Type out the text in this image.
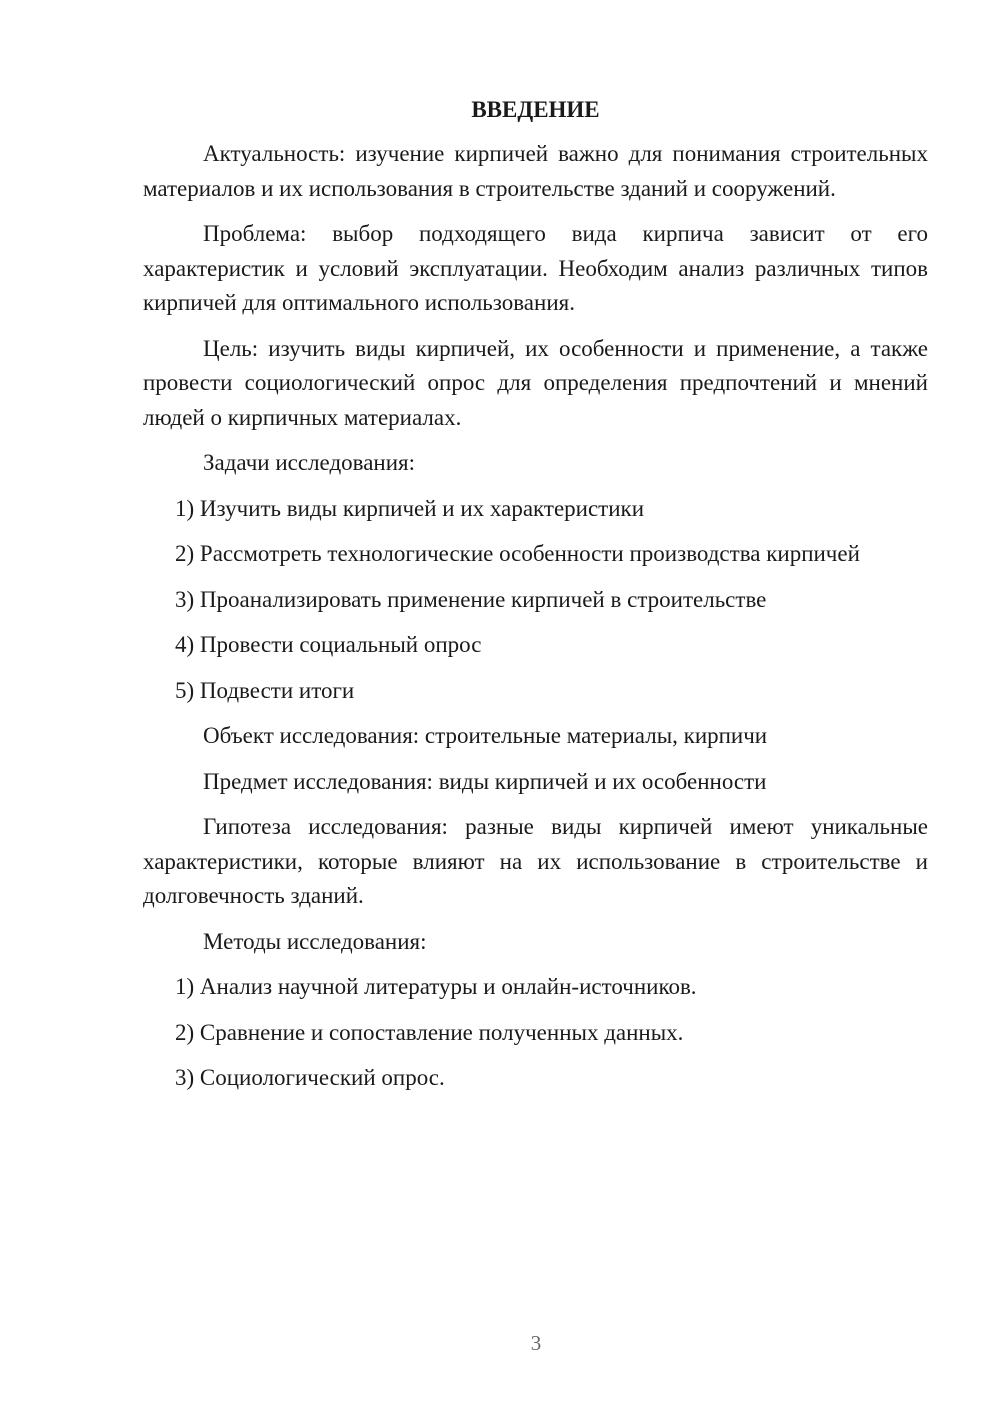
ВВЕДЕНИЕ

Актуальность: изучение кирпичей важно для понимания строительных материалов и их использования в строительстве зданий и сооружений.

Проблема: выбор подходящего вида кирпича зависит от его характеристик и условий эксплуатации. Необходим анализ различных типов кирпичей для оптимального использования.

Цель: изучить виды кирпичей, их особенности и применение, а также провести социологический опрос для определения предпочтений и мнений людей о кирпичных материалах.

Задачи исследования:

1) Изучить виды кирпичей и их характеристики

2) Рассмотреть технологические особенности производства кирпичей

3) Проанализировать применение кирпичей в строительстве

4) Провести социальный опрос

5) Подвести итоги

Объект исследования: строительные материалы, кирпичи

Предмет исследования: виды кирпичей и их особенности

Гипотеза исследования: разные виды кирпичей имеют уникальные характеристики, которые влияют на их использование в строительстве и долговечность зданий.

Методы исследования:

1) Анализ научной литературы и онлайн-источников.

2) Сравнение и сопоставление полученных данных.

3) Социологический опрос.

3
